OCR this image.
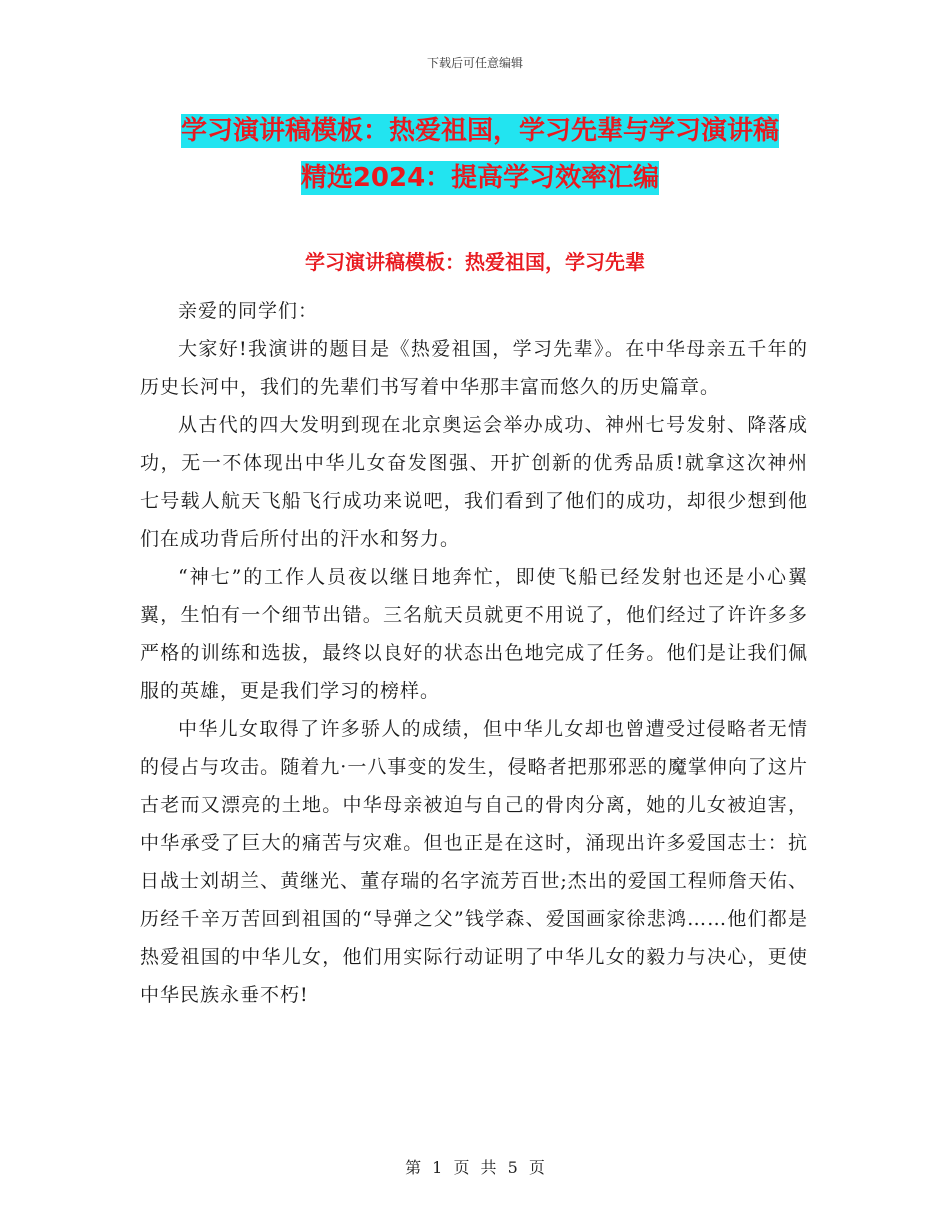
下载后可任意编辑
学习演讲稿模板：热爱祖国，学习先辈与学习演讲稿
精选2024：提高学习效率汇编
学习演讲稿模板：热爱祖国，学习先辈

亲爱的同学们：

大家好!我演讲的题目是《热爱祖国，学习先辈》。在中华母亲五千年的历史长河中，我们的先辈们书写着中华那丰富而悠久的历史篇章。

从古代的四大发明到现在北京奥运会举办成功、神州七号发射、降落成功，无一不体现出中华儿女奋发图强、开扩创新的优秀品质!就拿这次神州七号载人航天飞船飞行成功来说吧，我们看到了他们的成功，却很少想到他们在成功背后所付出的汗水和努力。

“神七”的工作人员夜以继日地奔忙，即使飞船已经发射也还是小心翼翼，生怕有一个细节出错。三名航天员就更不用说了，他们经过了许许多多严格的训练和选拔，最终以良好的状态出色地完成了任务。他们是让我们佩服的英雄，更是我们学习的榜样。

中华儿女取得了许多骄人的成绩，但中华儿女却也曾遭受过侵略者无情的侵占与攻击。随着九·一八事变的发生，侵略者把那邪恶的魔掌伸向了这片古老而又漂亮的土地。中华母亲被迫与自己的骨肉分离，她的儿女被迫害，中华承受了巨大的痛苦与灾难。但也正是在这时，涌现出许多爱国志士：抗日战士刘胡兰、黄继光、董存瑞的名字流芳百世;杰出的爱国工程师詹天佑、历经千辛万苦回到祖国的“导弹之父”钱学森、爱国画家徐悲鸿……他们都是热爱祖国的中华儿女，他们用实际行动证明了中华儿女的毅力与决心，更使中华民族永垂不朽!

第 1 页 共 5 页
